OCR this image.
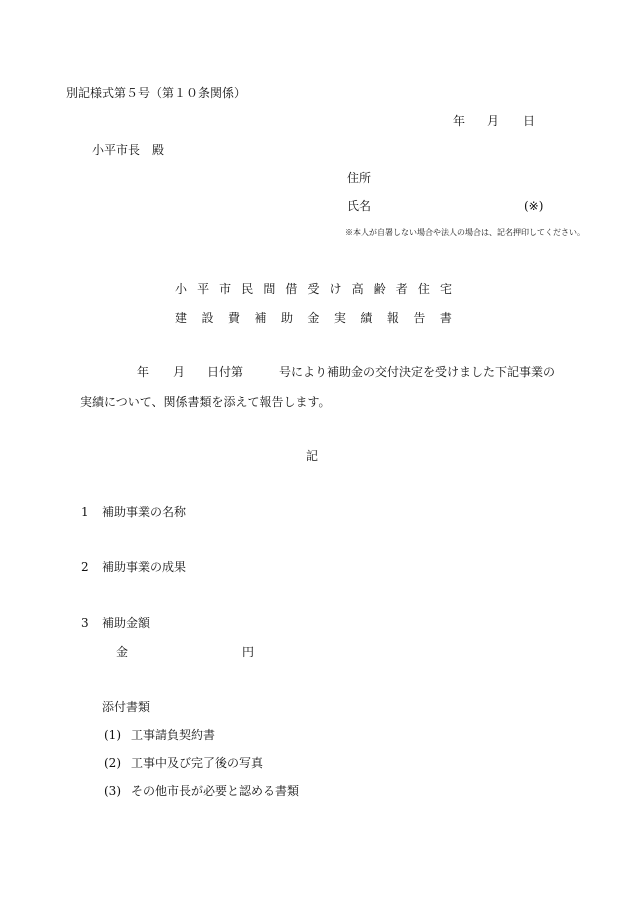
別記様式第５号（第１０条関係）
年 月 日
小平市長　殿
住所
氏名	(※)
※本人が自署しない場合や法人の場合は、記名押印してください。
小 平 市 民 間 借 受 け 高 齢 者 住 宅
建 設 費 補 助 金 実 績 報 告 書
年 月 日付第	号により補助金の交付決定を受けました下記事業の
実績について、関係書類を添えて報告します。
記
1 補助事業の名称
2 補助事業の成果
3 補助金額
金	円
添付書類
(1) 工事請負契約書
(2) 工事中及び完了後の写真
(3) その他市長が必要と認める書類
